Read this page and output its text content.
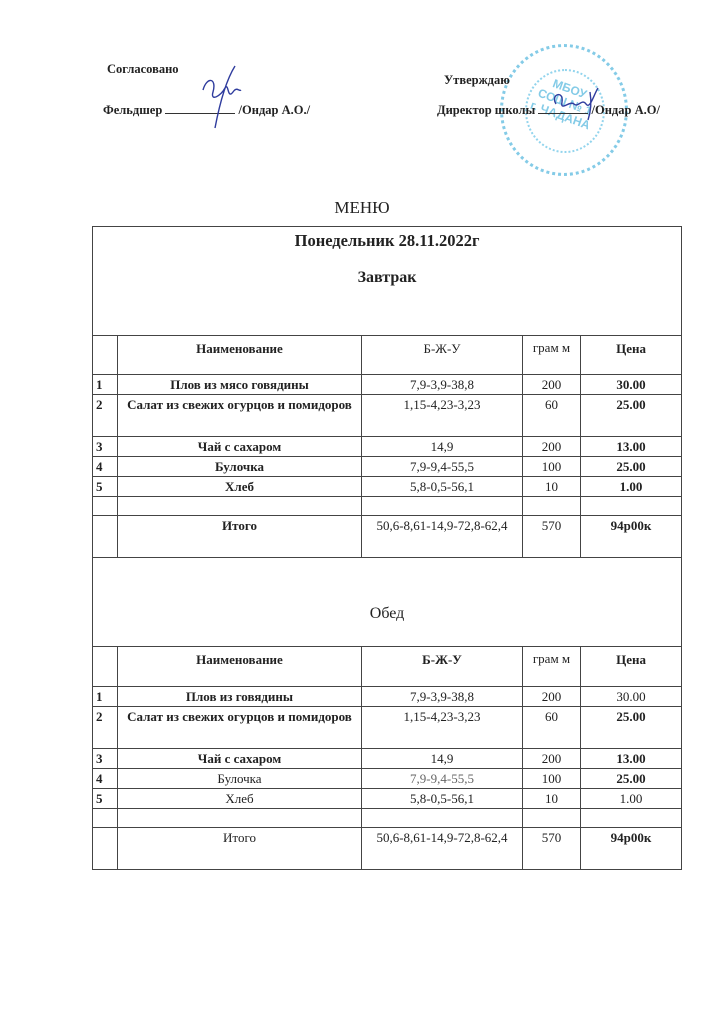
Согласовано
Фельдшер	/Ондар А.О./
МБОУ СОШ № 1 г. ЧАДАНА
Утверждаю
Директор школы	/Ондар А.О/
МЕНЮ
Понедельник 28.11.2022г
Завтрак				

	Наименование	Б-Ж-У	грам м	Цена
1	Плов из мясо говядины	7,9-3,9-38,8	200	30.00
2	Салат из свежих огурцов и помидоров	1,15-4,23-3,23	60	25.00
3	Чай с сахаром	14,9	200	13.00
4	Булочка	7,9-9,4-55,5	100	25.00
5	Хлеб	5,8-0,5-56,1	10	1.00

	Итого	50,6-8,61-14,9-72,8-62,4	570	94р00к

Обед				

	Наименование	Б-Ж-У	грам м	Цена
1	Плов из говядины	7,9-3,9-38,8	200	30.00
2	Салат из свежих огурцов и помидоров	1,15-4,23-3,23	60	25.00
3	Чай с сахаром	14,9	200	13.00
4	Булочка	7,9-9,4-55,5	100	25.00
5	Хлеб	5,8-0,5-56,1	10	1.00

	Итого	50,6-8,61-14,9-72,8-62,4	570	94р00к
